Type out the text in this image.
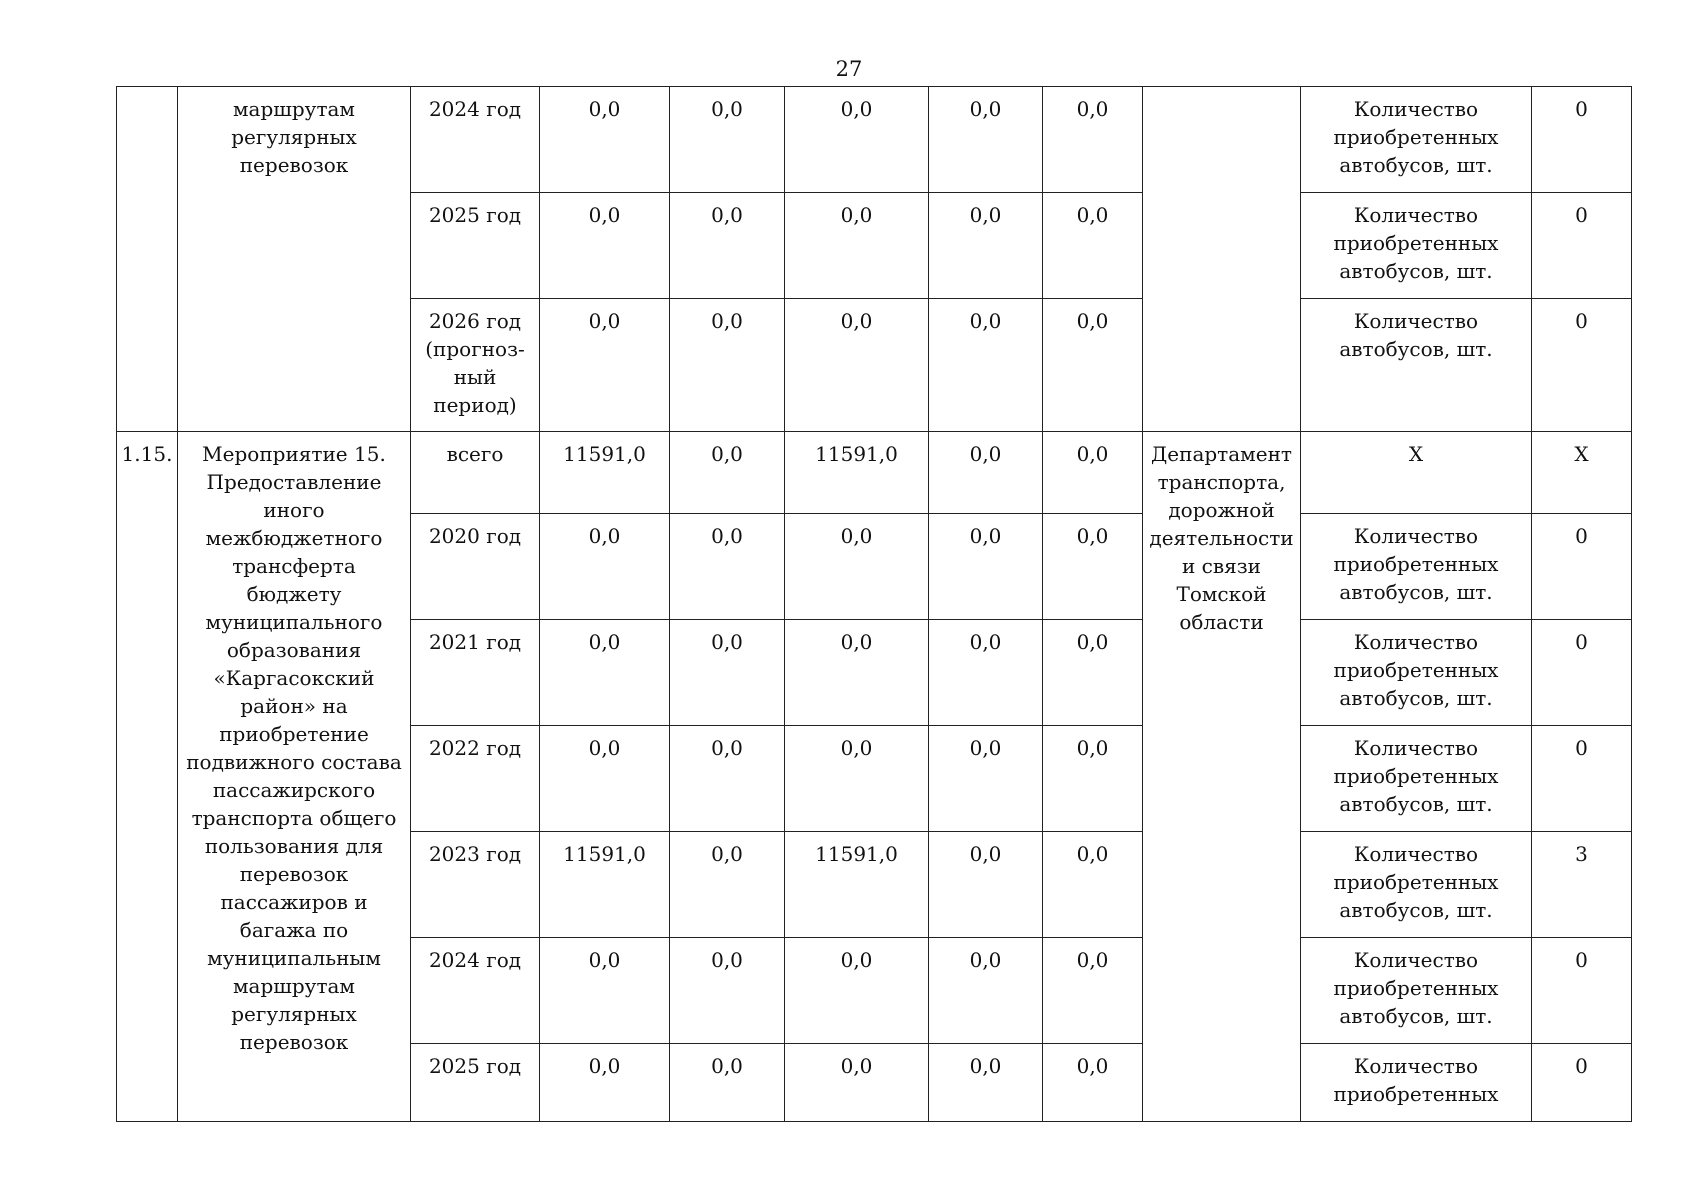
27
	маршрутам регулярных перевозок	2024 год	0,0	0,0	0,0	0,0	0,0		Количество приобретенных автобусов, шт.	0
		2025 год	0,0	0,0	0,0	0,0	0,0		Количество приобретенных автобусов, шт.	0
		2026 год (прогноз-ный период)	0,0	0,0	0,0	0,0	0,0		Количество автобусов, шт.	0
1.15.	Мероприятие 15. Предоставление иного межбюджетного трансферта бюджету муниципального образования «Каргасокский район» на приобретение подвижного состава пассажирского транспорта общего пользования для перевозок пассажиров и багажа по муниципальным маршрутам регулярных перевозок	всего	11591,0	0,0	11591,0	0,0	0,0	Департамент транспорта, дорожной деятельности и связи Томской области	Х	Х
		2020 год	0,0	0,0	0,0	0,0	0,0		Количество приобретенных автобусов, шт.	0
		2021 год	0,0	0,0	0,0	0,0	0,0		Количество приобретенных автобусов, шт.	0
		2022 год	0,0	0,0	0,0	0,0	0,0		Количество приобретенных автобусов, шт.	0
		2023 год	11591,0	0,0	11591,0	0,0	0,0		Количество приобретенных автобусов, шт.	3
		2024 год	0,0	0,0	0,0	0,0	0,0		Количество приобретенных автобусов, шт.	0
		2025 год	0,0	0,0	0,0	0,0	0,0		Количество приобретенных	0
